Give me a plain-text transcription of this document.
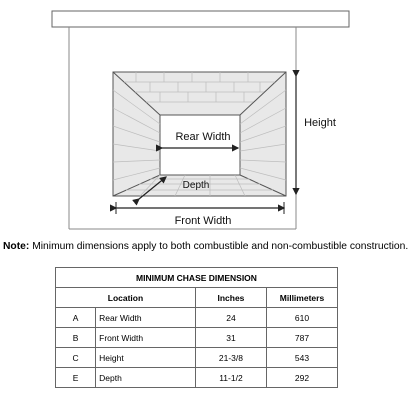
Rear Width
Depth
Height
Front Width
Note: Minimum dimensions apply to both combustible and non-combustible construction.
MINIMUM CHASE DIMENSION			
Location		Inches	Millimeters
A	Rear Width	24	610
B	Front Width	31	787
C	Height	21-3/8	543
E	Depth	11-1/2	292
